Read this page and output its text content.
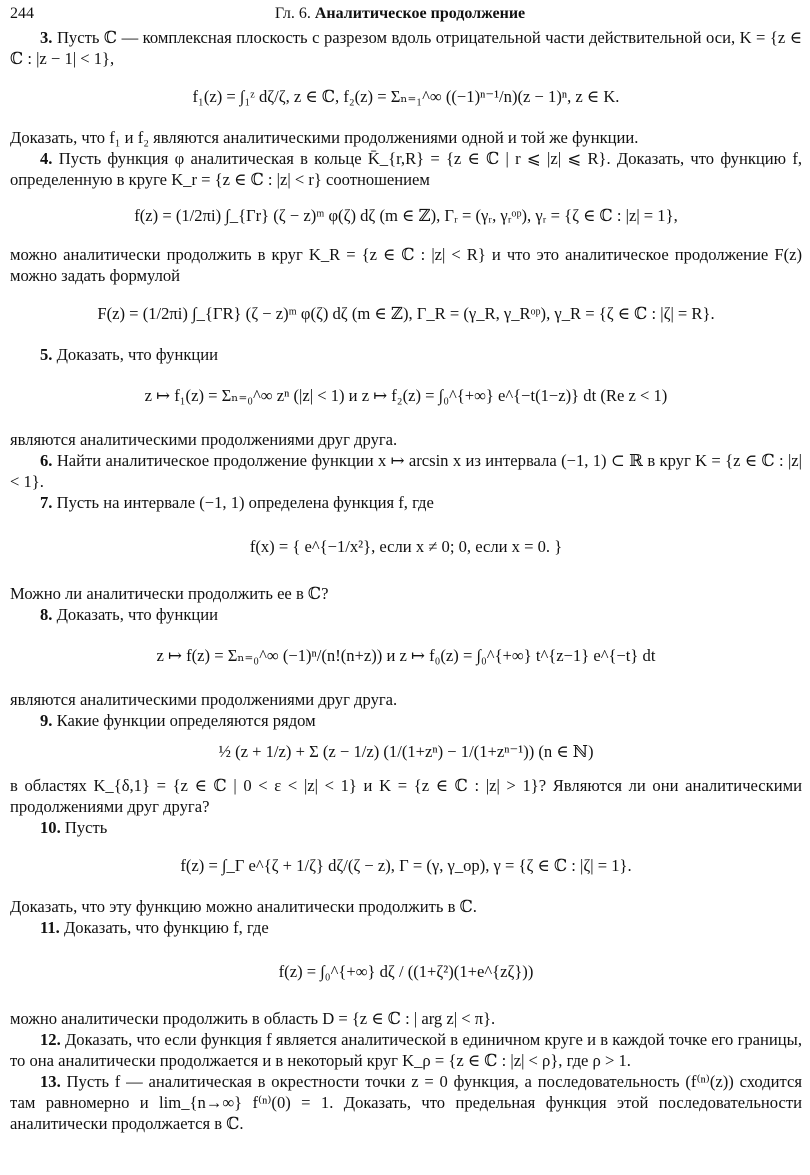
244	Гл. 6. Аналитическое продолжение

3. Пусть ℂ — комплексная плоскость с разрезом вдоль отрицательной части действительной оси, K = {z ∈ ℂ : |z − 1| < 1},

f₁(z) = ∫₁ᶻ dζ/ζ, z ∈ ℂ, f₂(z) = Σₙ₌₁^∞ ((−1)ⁿ⁻¹/n)(z − 1)ⁿ, z ∈ K.

Доказать, что f₁ и f₂ являются аналитическими продолжениями одной и той же функции.

4. Пусть функция φ аналитическая в кольце K̄_{r,R} = {z ∈ ℂ | r ⩽ |z| ⩽ R}. Доказать, что функцию f, определенную в круге K_r = {z ∈ ℂ : |z| < r} соотношением

f(z) = (1/2πi) ∫_{Γr} (ζ − z)ᵐ φ(ζ) dζ (m ∈ ℤ), Γᵣ = (γᵣ, γᵣᵒᵖ), γᵣ = {ζ ∈ ℂ : |z| = 1},

можно аналитически продолжить в круг K_R = {z ∈ ℂ : |z| < R} и что это аналитическое продолжение F(z) можно задать формулой

F(z) = (1/2πi) ∫_{ΓR} (ζ − z)ᵐ φ(ζ) dζ (m ∈ ℤ), Γ_R = (γ_R, γ_Rᵒᵖ), γ_R = {ζ ∈ ℂ : |ζ| = R}.

5. Доказать, что функции

z ↦ f₁(z) = Σₙ₌₀^∞ zⁿ (|z| < 1) и z ↦ f₂(z) = ∫₀^{+∞} e^{−t(1−z)} dt (Re z < 1)

являются аналитическими продолжениями друг друга.

6. Найти аналитическое продолжение функции x ↦ arcsin x из интервала (−1, 1) ⊂ ℝ в круг K = {z ∈ ℂ : |z| < 1}.

7. Пусть на интервале (−1, 1) определена функция f, где

f(x) = { e^{−1/x²}, если x ≠ 0; 0, если x = 0. }

Можно ли аналитически продолжить ее в ℂ?

8. Доказать, что функции

z ↦ f(z) = Σₙ₌₀^∞ (−1)ⁿ/(n!(n+z)) и z ↦ f₀(z) = ∫₀^{+∞} t^{z−1} e^{−t} dt

являются аналитическими продолжениями друг друга.

9. Какие функции определяются рядом

½ (z + 1/z) + Σ (z − 1/z) (1/(1+zⁿ) − 1/(1+zⁿ⁻¹)) (n ∈ ℕ)

в областях K_{δ,1} = {z ∈ ℂ | 0 < ε < |z| < 1} и K = {z ∈ ℂ : |z| > 1}? Являются ли они аналитическими продолжениями друг друга?

10. Пусть

f(z) = ∫_Γ e^{ζ + 1/ζ} dζ/(ζ − z), Γ = (γ, γ_op), γ = {ζ ∈ ℂ : |ζ| = 1}.

Доказать, что эту функцию можно аналитически продолжить в ℂ.

11. Доказать, что функцию f, где

f(z) = ∫₀^{+∞} dζ / ((1+ζ²)(1+e^{zζ}))

можно аналитически продолжить в область D = {z ∈ ℂ : | arg z| < π}.

12. Доказать, что если функция f является аналитической в единичном круге и в каждой точке его границы, то она аналитически продолжается и в некоторый круг K_ρ = {z ∈ ℂ : |z| < ρ}, где ρ > 1.

13. Пусть f — аналитическая в окрестности точки z = 0 функция, а последовательность (f⁽ⁿ⁾(z)) сходится там равномерно и lim_{n→∞} f⁽ⁿ⁾(0) = 1. Доказать, что предельная функция этой последовательности аналитически продолжается в ℂ.
